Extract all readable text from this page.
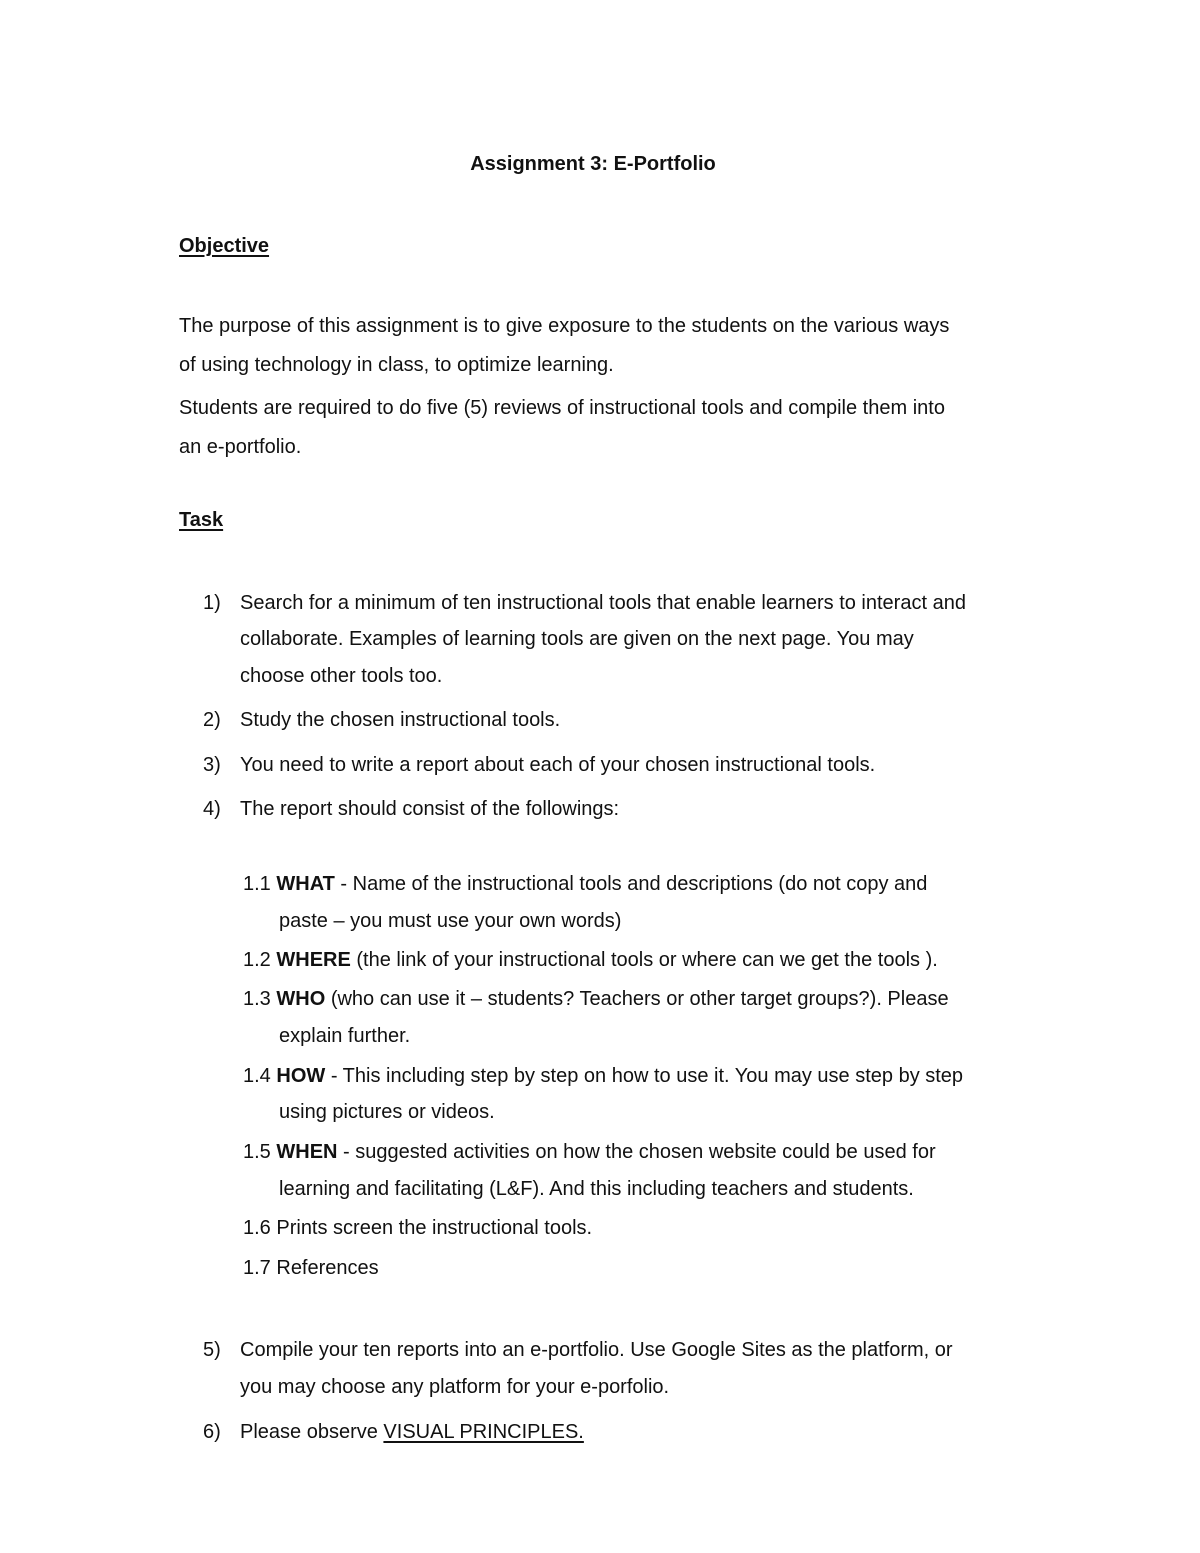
Assignment 3: E-Portfolio

Objective

The purpose of this assignment is to give exposure to the students on the various ways

of using technology in class, to optimize learning.

Students are required to do five (5) reviews of instructional tools and compile them into

an e-portfolio.

Task

1) Search for a minimum of ten instructional tools that enable learners to interact and

collaborate. Examples of learning tools are given on the next page. You may

choose other tools too.

2) Study the chosen instructional tools.

3) You need to write a report about each of your chosen instructional tools.

4) The report should consist of the followings:

1.1 WHAT - Name of the instructional tools and descriptions (do not copy and

paste – you must use your own words)

1.2 WHERE (the link of your instructional tools or where can we get the tools ).

1.3 WHO (who can use it – students? Teachers or other target groups?). Please

explain further.

1.4 HOW - This including step by step on how to use it. You may use step by step

using pictures or videos.

1.5 WHEN - suggested activities on how the chosen website could be used for

learning and facilitating (L&F). And this including teachers and students.

1.6 Prints screen the instructional tools.

1.7 References

5) Compile your ten reports into an e-portfolio. Use Google Sites as the platform, or

you may choose any platform for your e-porfolio.

6) Please observe VISUAL PRINCIPLES.
